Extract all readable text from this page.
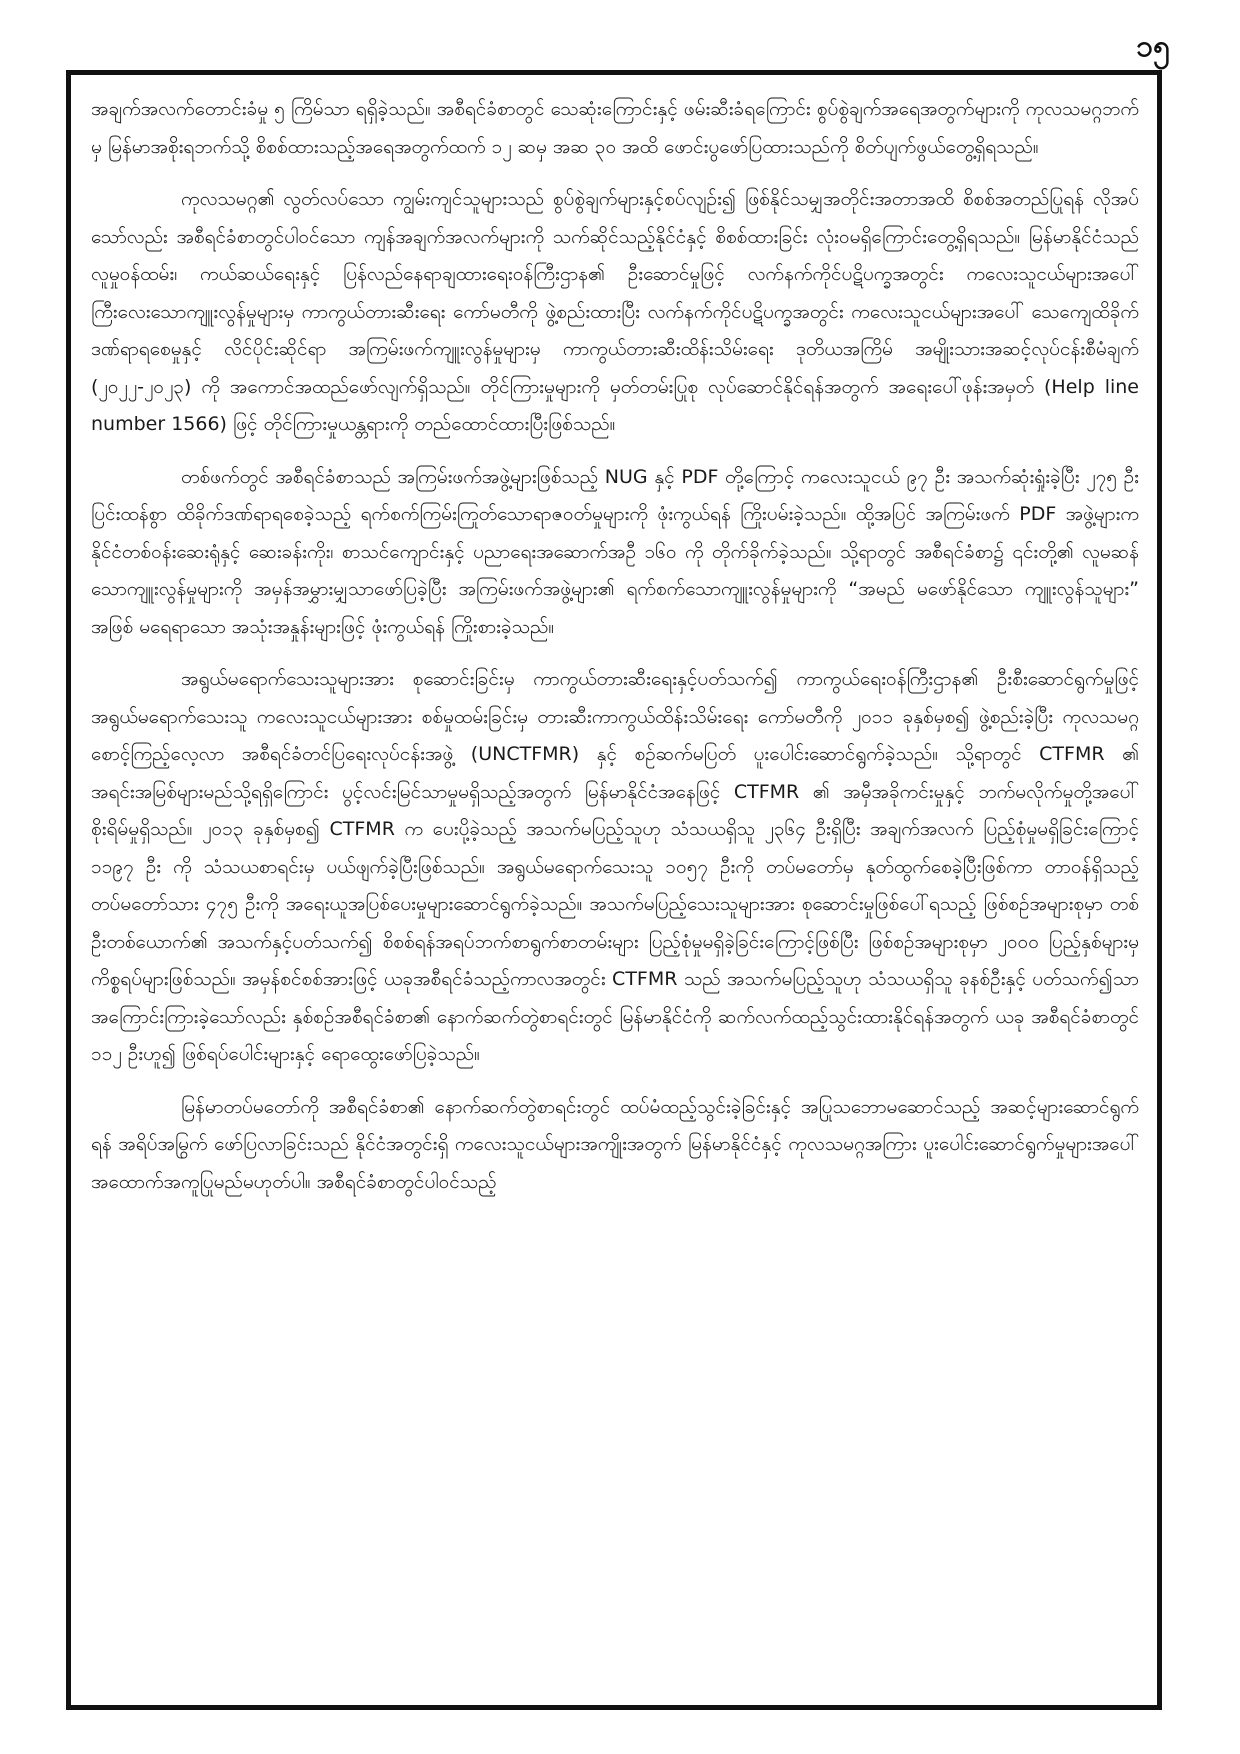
၁၅

အချက်အလက်တောင်းခံမှု ၅ ကြိမ်သာ ရရှိခဲ့သည်။ အစီရင်ခံစာတွင် သေဆုံးကြောင်းနှင့် ဖမ်းဆီးခံရကြောင်း စွပ်စွဲချက်အရေအတွက်များကို ကုလသမဂ္ဂဘက်မှ မြန်မာအစိုးရဘက်သို့ စိစစ်ထားသည့်အရေအတွက်ထက် ၁၂ ဆမှ အဆ ၃၀ အထိ ဖောင်းပွဖော်ပြထားသည်ကို စိတ်ပျက်ဖွယ်တွေ့ရှိရသည်။

ကုလသမဂ္ဂ၏ လွတ်လပ်သော ကျွမ်းကျင်သူများသည် စွပ်စွဲချက်များနှင့်စပ်လျဉ်း၍ ဖြစ်နိုင်သမျှအတိုင်းအတာအထိ စိစစ်အတည်ပြုရန် လိုအပ်သော်လည်း အစီရင်ခံစာတွင်ပါဝင်သော ကျန်အချက်အလက်များကို သက်ဆိုင်သည့်နိုင်ငံနှင့် စိစစ်ထားခြင်း လုံးဝမရှိကြောင်းတွေ့ရှိရသည်။ မြန်မာနိုင်ငံသည် လူမှုဝန်ထမ်း၊ ကယ်ဆယ်ရေးနှင့် ပြန်လည်နေရာချထားရေးဝန်ကြီးဌာန၏ ဦးဆောင်မှုဖြင့် လက်နက်ကိုင်ပဋိပက္ခအတွင်း ကလေးသူငယ်များအပေါ် ကြီးလေးသောကျူးလွန်မှုများမှ ကာကွယ်တားဆီးရေး ကော်မတီကို ဖွဲ့စည်းထားပြီး လက်နက်ကိုင်ပဋိပက္ခအတွင်း ကလေးသူငယ်များအပေါ် သေကျေထိခိုက်ဒဏ်ရာရစေမှုနှင့် လိင်ပိုင်းဆိုင်ရာ အကြမ်းဖက်ကျူးလွန်မှုများမှ ကာကွယ်တားဆီးထိန်းသိမ်းရေး ဒုတိယအကြိမ် အမျိုးသားအဆင့်လုပ်ငန်းစီမံချက် (၂၀၂၂-၂၀၂၃) ကို အကောင်အထည်ဖော်လျက်ရှိသည်။ တိုင်ကြားမှုများကို မှတ်တမ်းပြုစု လုပ်ဆောင်နိုင်ရန်အတွက် အရေးပေါ်ဖုန်းအမှတ် (Help line number 1566) ဖြင့် တိုင်ကြားမှုယန္တရားကို တည်ထောင်ထားပြီးဖြစ်သည်။

တစ်ဖက်တွင် အစီရင်ခံစာသည် အကြမ်းဖက်အဖွဲ့များဖြစ်သည့် NUG နှင့် PDF တို့ကြောင့် ကလေးသူငယ် ၉၇ ဦး အသက်ဆုံးရှုံးခဲ့ပြီး ၂၇၅ ဦး ပြင်းထန်စွာ ထိခိုက်ဒဏ်ရာရစေခဲ့သည့် ရက်စက်ကြမ်းကြုတ်သောရာဇဝတ်မှုများကို ဖုံးကွယ်ရန် ကြိုးပမ်းခဲ့သည်။ ထို့အပြင် အကြမ်းဖက် PDF အဖွဲ့များက နိုင်ငံတစ်ဝန်းဆေးရုံနှင့် ဆေးခန်းကိုး၊ စာသင်ကျောင်းနှင့် ပညာရေးအဆောက်အဦ ၁၆၀ ကို တိုက်ခိုက်ခဲ့သည်။ သို့ရာတွင် အစီရင်ခံစာ၌ ၎င်းတို့၏ လူမဆန်သောကျူးလွန်မှုများကို အမှန်အမွှားမျှသာဖော်ပြခဲ့ပြီး အကြမ်းဖက်အဖွဲ့များ၏ ရက်စက်သောကျူးလွန်မှုများကို “အမည် မဖော်နိုင်သော ကျူးလွန်သူများ” အဖြစ် မရေရာသော အသုံးအနှုန်းများဖြင့် ဖုံးကွယ်ရန် ကြိုးစားခဲ့သည်။

အရွယ်မရောက်သေးသူများအား စုဆောင်းခြင်းမှ ကာကွယ်တားဆီးရေးနှင့်ပတ်သက်၍ ကာကွယ်ရေးဝန်ကြီးဌာန၏ ဦးစီးဆောင်ရွက်မှုဖြင့် အရွယ်မရောက်သေးသူ ကလေးသူငယ်များအား စစ်မှုထမ်းခြင်းမှ တားဆီးကာကွယ်ထိန်းသိမ်းရေး ကော်မတီကို ၂၀၁၁ ခုနှစ်မှစ၍ ဖွဲ့စည်းခဲ့ပြီး ကုလသမဂ္ဂစောင့်ကြည့်လေ့လာ အစီရင်ခံတင်ပြရေးလုပ်ငန်းအဖွဲ့ (UNCTFMR) နှင့် စဉ်ဆက်မပြတ် ပူးပေါင်းဆောင်ရွက်ခဲ့သည်။ သို့ရာတွင် CTFMR ၏ အရင်းအမြစ်များမည်သို့ရရှိကြောင်း ပွင့်လင်းမြင်သာမှုမရှိသည့်အတွက် မြန်မာနိုင်ငံအနေဖြင့် CTFMR ၏ အမှီအခိုကင်းမှုနှင့် ဘက်မလိုက်မှုတို့အပေါ် စိုးရိမ်မှုရှိသည်။ ၂၀၁၃ ခုနှစ်မှစ၍ CTFMR က ပေးပို့ခဲ့သည့် အသက်မပြည့်သူဟု သံသယရှိသူ ၂၃၆၄ ဦးရှိပြီး အချက်အလက် ပြည့်စုံမှုမရှိခြင်းကြောင့် ၁၁၉၇ ဦး ကို သံသယစာရင်းမှ ပယ်ဖျက်ခဲ့ပြီးဖြစ်သည်။ အရွယ်မရောက်သေးသူ ၁၀၅၇ ဦးကို တပ်မတော်မှ နုတ်ထွက်စေခဲ့ပြီးဖြစ်ကာ တာဝန်ရှိသည့် တပ်မတော်သား ၄၇၅ ဦးကို အရေးယူအပြစ်ပေးမှုများဆောင်ရွက်ခဲ့သည်။ အသက်မပြည့်သေးသူများအား စုဆောင်းမှုဖြစ်ပေါ်ရသည့် ဖြစ်စဉ်အများစုမှာ တစ်ဦးတစ်ယောက်၏ အသက်နှင့်ပတ်သက်၍ စိစစ်ရန်အရပ်ဘက်စာရွက်စာတမ်းများ ပြည့်စုံမှုမရှိခဲ့ခြင်းကြောင့်ဖြစ်ပြီး ဖြစ်စဉ်အများစုမှာ ၂၀၀၀ ပြည့်နှစ်များမှ ကိစ္စရပ်များဖြစ်သည်။ အမှန်စင်စစ်အားဖြင့် ယခုအစီရင်ခံသည့်ကာလအတွင်း CTFMR သည် အသက်မပြည့်သူဟု သံသယရှိသူ ခုနစ်ဦးနှင့် ပတ်သက်၍သာ အကြောင်းကြားခဲ့သော်လည်း နှစ်စဉ်အစီရင်ခံစာ၏ နောက်ဆက်တွဲစာရင်းတွင် မြန်မာနိုင်ငံကို ဆက်လက်ထည့်သွင်းထားနိုင်ရန်အတွက် ယခု အစီရင်ခံစာတွင် ၁၁၂ ဦးဟူ၍ ဖြစ်ရပ်ပေါင်းများနှင့် ရောထွေးဖော်ပြခဲ့သည်။

မြန်မာတပ်မတော်ကို အစီရင်ခံစာ၏ နောက်ဆက်တွဲစာရင်းတွင် ထပ်မံထည့်သွင်းခဲ့ခြင်းနှင့် အပြုသဘောမဆောင်သည့် အဆင့်များဆောင်ရွက်ရန် အရိပ်အမြွက် ဖော်ပြလာခြင်းသည် နိုင်ငံအတွင်းရှိ ကလေးသူငယ်များအကျိုးအတွက် မြန်မာနိုင်ငံနှင့် ကုလသမဂ္ဂအကြား ပူးပေါင်းဆောင်ရွက်မှုများအပေါ် အထောက်အကူပြုမည်မဟုတ်ပါ။ အစီရင်ခံစာတွင်ပါဝင်သည့်
